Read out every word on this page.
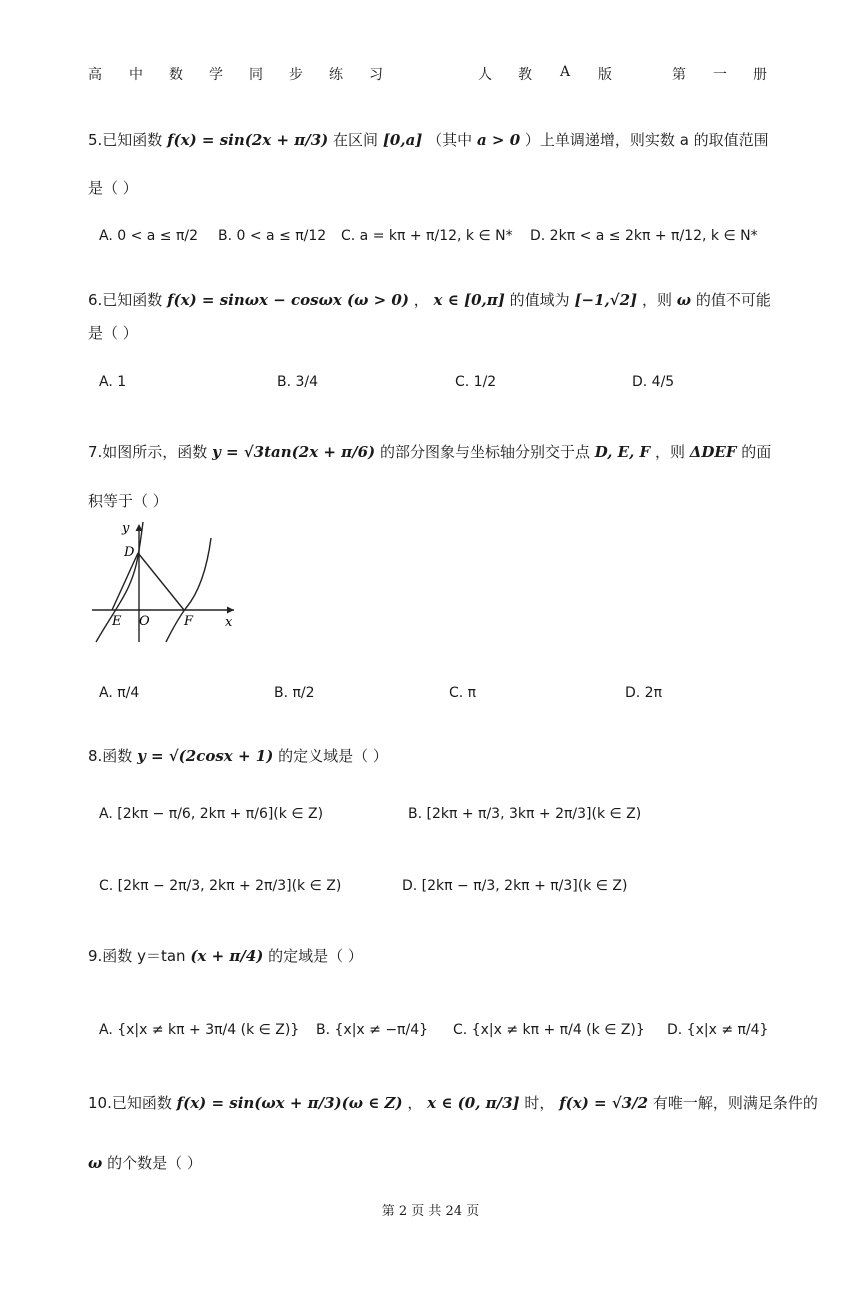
高 中 数 学 同 步 练 习	人 教 A 版	第 一 册
5.已知函数 f(x) = sin(2x + π/3) 在区间 [0,a] （其中 a > 0 ）上单调递增，则实数 a 的取值范围
是（ ）
A. 0 < a ≤ π/2 B. 0 < a ≤ π/12 C. a = kπ + π/12, k ∈ N* D. 2kπ < a ≤ 2kπ + π/12, k ∈ N*
6.已知函数 f(x) = sinωx − cosωx (ω > 0) ， x ∈ [0,π] 的值域为 [−1,√2] ，则 ω 的值不可能
是（ ）
A. 1	B. 3/4	C. 1/2	D. 4/5
7.如图所示，函数 y = √3tan(2x + π/6) 的部分图象与坐标轴分别交于点 D, E, F ，则 ΔDEF 的面
积等于（ ）
y
D
E O	F x
A. π/4	B. π/2	C. π	D. 2π
8.函数 y = √(2cosx + 1) 的定义域是（ ）
A. [2kπ − π/6, 2kπ + π/6](k ∈ Z)	B. [2kπ + π/3, 3kπ + 2π/3](k ∈ Z)
C. [2kπ − 2π/3, 2kπ + 2π/3](k ∈ Z)	D. [2kπ − π/3, 2kπ + π/3](k ∈ Z)
9.函数 y＝tan (x + π/4) 的定域是（ ）
A. {x|x ≠ kπ + 3π/4 (k ∈ Z)} B. {x|x ≠ −π/4} C. {x|x ≠ kπ + π/4 (k ∈ Z)} D. {x|x ≠ π/4}
10.已知函数 f(x) = sin(ωx + π/3)(ω ∈ Z) ， x ∈ (0, π/3] 时， f(x) = √3/2 有唯一解，则满足条件的
ω 的个数是（ ）
第 2 页 共 24 页
